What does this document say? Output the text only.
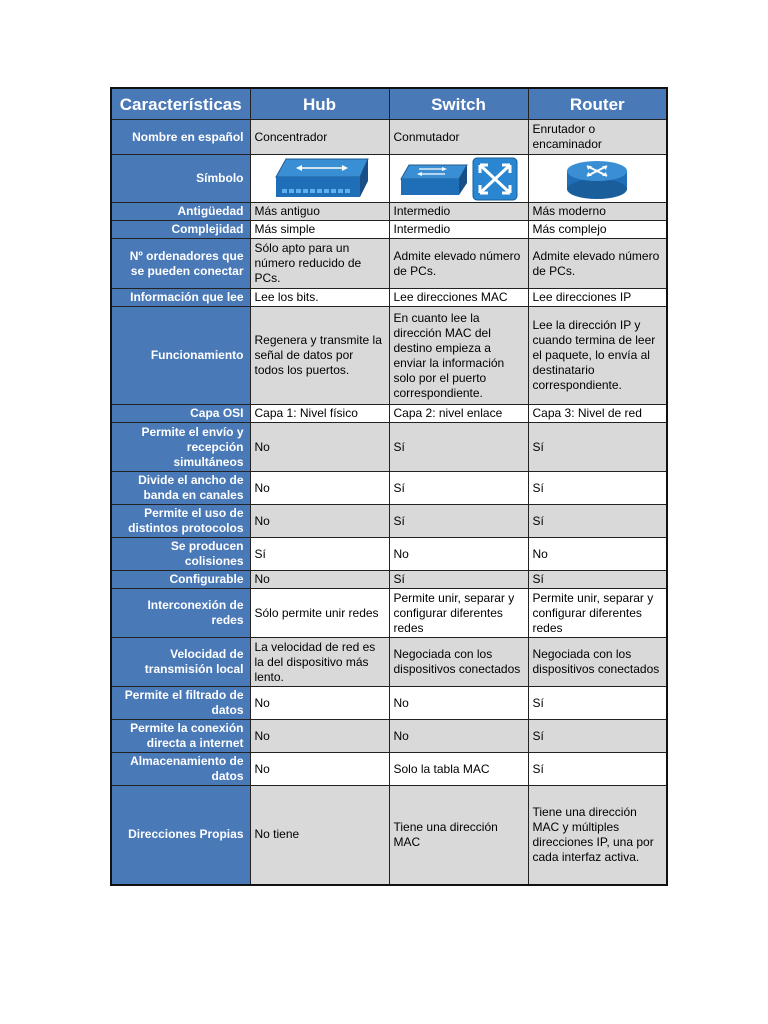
Características	Hub	Switch	Router
Nombre en español	Concentrador	Conmutador	Enrutador o encaminador
Símbolo			
Antigüedad	Más antiguo	Intermedio	Más moderno
Complejidad	Más simple	Intermedio	Más complejo
Nº ordenadores que se pueden conectar	Sólo apto para un número reducido de PCs.	Admite elevado número de PCs.	Admite elevado número de PCs.
Información que lee	Lee los bits.	Lee direcciones MAC	Lee direcciones IP
Funcionamiento	Regenera y transmite la señal de datos por todos los puertos.	En cuanto lee la dirección MAC del destino empieza a enviar la información solo por el puerto correspondiente.	Lee la dirección IP y cuando termina de leer el paquete, lo envía al destinatario correspondiente.
Capa OSI	Capa 1: Nivel físico	Capa 2: nivel enlace	Capa 3: Nivel de red
Permite el envío y recepción simultáneos	No	Sí	Sí
Divide el ancho de banda en canales	No	Sí	Sí
Permite el uso de distintos protocolos	No	Sí	Sí
Se producen colisiones	Sí	No	No
Configurable	No	Sí	Sí
Interconexión de redes	Sólo permite unir redes	Permite unir, separar y configurar diferentes redes	Permite unir, separar y configurar diferentes redes
Velocidad de transmisión local	La velocidad de red es la del dispositivo más lento.	Negociada con los dispositivos conectados	Negociada con los dispositivos conectados
Permite el filtrado de datos	No	No	Sí
Permite la conexión directa a internet	No	No	Sí
Almacenamiento de datos	No	Solo la tabla MAC	Sí
Direcciones Propias	No tiene	Tiene una dirección MAC	Tiene una dirección MAC y múltiples direcciones IP, una por cada interfaz activa.
